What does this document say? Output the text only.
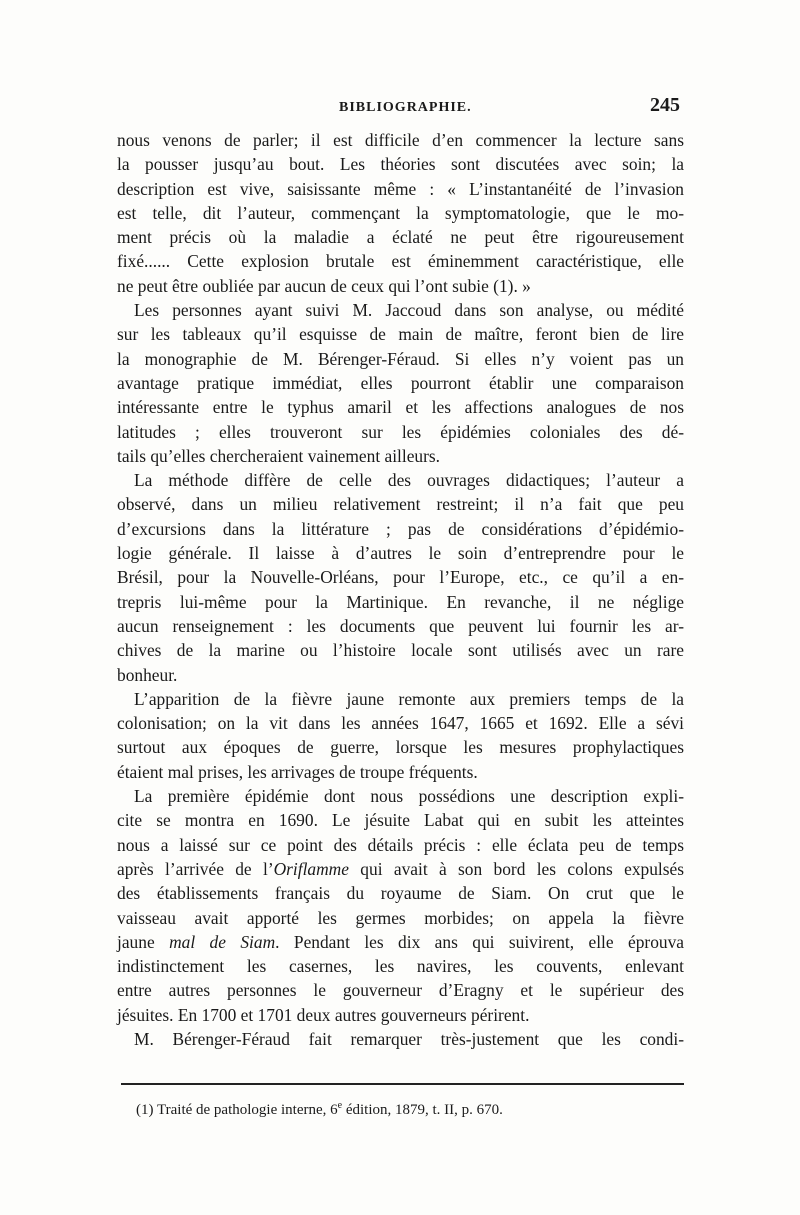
BIBLIOGRAPHIE.	245
nous venons de parler; il est difficile d’en commencer la lecture sans
la pousser jusqu’au bout. Les théories sont discutées avec soin; la
description est vive, saisissante même : « L’instantanéité de l’invasion
est telle, dit l’auteur, commençant la symptomatologie, que le mo-
ment précis où la maladie a éclaté ne peut être rigoureusement
fixé...... Cette explosion brutale est éminemment caractéristique, elle
ne peut être oubliée par aucun de ceux qui l’ont subie (1). »
Les personnes ayant suivi M. Jaccoud dans son analyse, ou médité
sur les tableaux qu’il esquisse de main de maître, feront bien de lire
la monographie de M. Bérenger-Féraud. Si elles n’y voient pas un
avantage pratique immédiat, elles pourront établir une comparaison
intéressante entre le typhus amaril et les affections analogues de nos
latitudes ; elles trouveront sur les épidémies coloniales des dé-
tails qu’elles chercheraient vainement ailleurs.
La méthode diffère de celle des ouvrages didactiques; l’auteur a
observé, dans un milieu relativement restreint; il n’a fait que peu
d’excursions dans la littérature ; pas de considérations d’épidémio-
logie générale. Il laisse à d’autres le soin d’entreprendre pour le
Brésil, pour la Nouvelle-Orléans, pour l’Europe, etc., ce qu’il a en-
trepris lui-même pour la Martinique. En revanche, il ne néglige
aucun renseignement : les documents que peuvent lui fournir les ar-
chives de la marine ou l’histoire locale sont utilisés avec un rare
bonheur.
L’apparition de la fièvre jaune remonte aux premiers temps de la
colonisation; on la vit dans les années 1647, 1665 et 1692. Elle a sévi
surtout aux époques de guerre, lorsque les mesures prophylactiques
étaient mal prises, les arrivages de troupe fréquents.
La première épidémie dont nous possédions une description expli-
cite se montra en 1690. Le jésuite Labat qui en subit les atteintes
nous a laissé sur ce point des détails précis : elle éclata peu de temps
après l’arrivée de l’Oriflamme qui avait à son bord les colons expulsés
des établissements français du royaume de Siam. On crut que le
vaisseau avait apporté les germes morbides; on appela la fièvre
jaune mal de Siam. Pendant les dix ans qui suivirent, elle éprouva
indistinctement les casernes, les navires, les couvents, enlevant
entre autres personnes le gouverneur d’Eragny et le supérieur des
jésuites. En 1700 et 1701 deux autres gouverneurs périrent.
M. Bérenger-Féraud fait remarquer très-justement que les condi-
(1) Traité de pathologie interne, 6e édition, 1879, t. II, p. 670.
